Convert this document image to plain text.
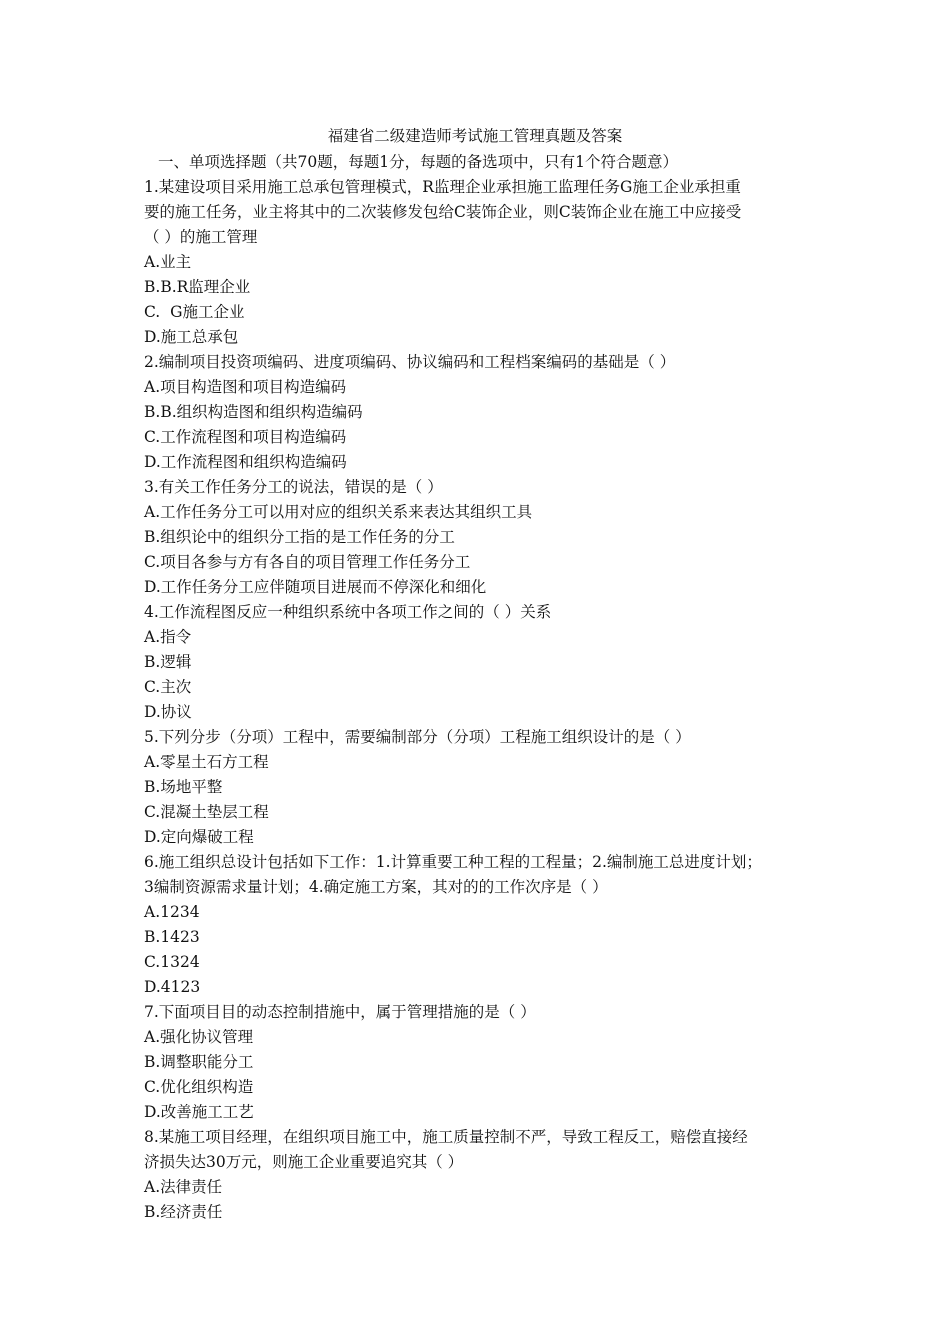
福建省二级建造师考试施工管理真题及答案
一、单项选择题（共70题，每题1分，每题的备选项中，只有1个符合题意）
1.某建设项目采用施工总承包管理模式，R监理企业承担施工监理任务G施工企业承担重
要的施工任务，业主将其中的二次装修发包给C装饰企业，则C装饰企业在施工中应接受
（ ）的施工管理
A.业主
B.B.R监理企业
C.  G施工企业
D.施工总承包
2.编制项目投资项编码、进度项编码、协议编码和工程档案编码的基础是（ ）
A.项目构造图和项目构造编码
B.B.组织构造图和组织构造编码
C.工作流程图和项目构造编码
D.工作流程图和组织构造编码
3.有关工作任务分工的说法，错误的是（ ）
A.工作任务分工可以用对应的组织关系来表达其组织工具
B.组织论中的组织分工指的是工作任务的分工
C.项目各参与方有各自的项目管理工作任务分工
D.工作任务分工应伴随项目进展而不停深化和细化
4.工作流程图反应一种组织系统中各项工作之间的（ ）关系
A.指令
B.逻辑
C.主次
D.协议
5.下列分步（分项）工程中，需要编制部分（分项）工程施工组织设计的是（ ）
A.零星土石方工程
B.场地平整
C.混凝土垫层工程
D.定向爆破工程
6.施工组织总设计包括如下工作：1.计算重要工种工程的工程量；2.编制施工总进度计划；
3编制资源需求量计划；4.确定施工方案，其对的的工作次序是（ ）
A.1234
B.1423
C.1324
D.4123
7.下面项目目的动态控制措施中，属于管理措施的是（ ）
A.强化协议管理
B.调整职能分工
C.优化组织构造
D.改善施工工艺
8.某施工项目经理，在组织项目施工中，施工质量控制不严，导致工程反工，赔偿直接经
济损失达30万元，则施工企业重要追究其（ ）
A.法律责任
B.经济责任
